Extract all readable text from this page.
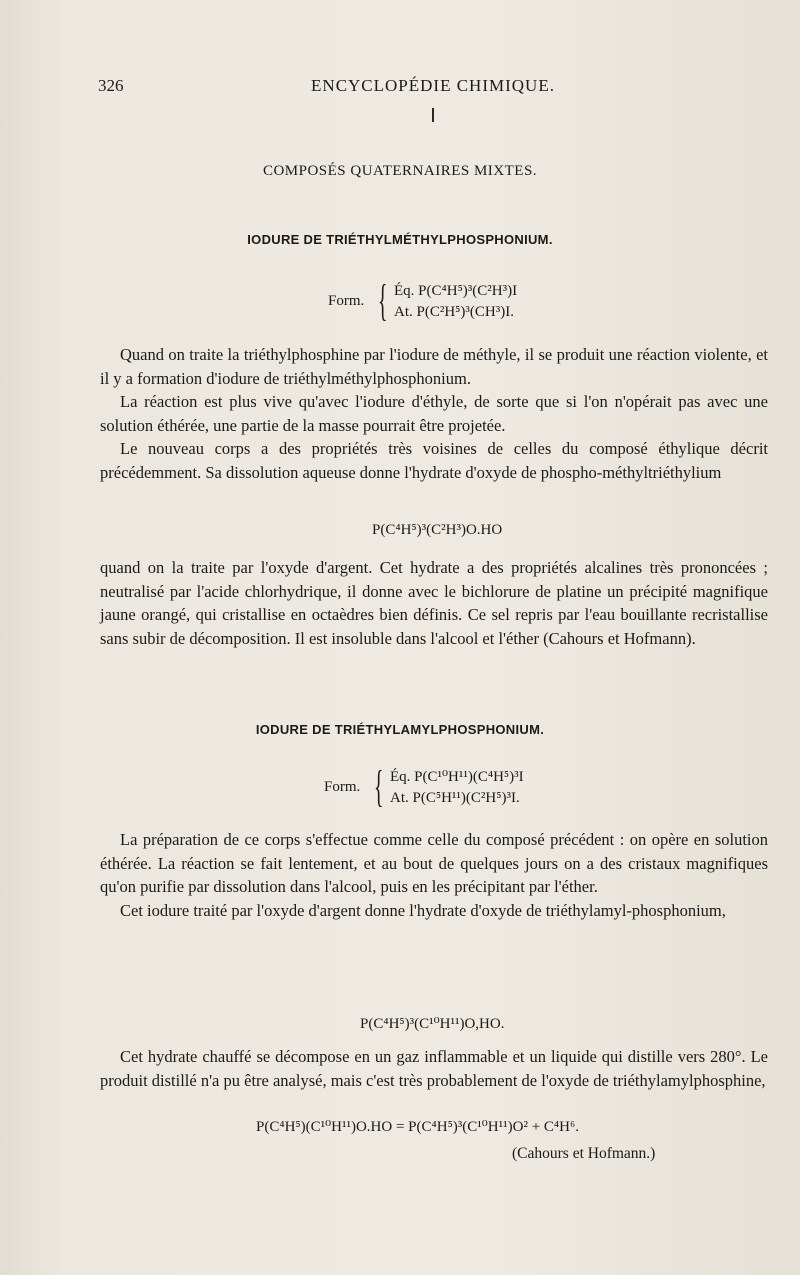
326	ENCYCLOPÉDIE CHIMIQUE.
COMPOSÉS QUATERNAIRES MIXTES.
IODURE DE TRIÉTHYLMÉTHYLPHOSPHONIUM.
Form. { Éq. P(C⁴H⁵)³(C²H³)I
At. P(C²H⁵)³(CH³)I.

Quand on traite la triéthylphosphine par l'iodure de méthyle, il se produit une réaction violente, et il y a formation d'iodure de triéthylméthylphosphonium.

La réaction est plus vive qu'avec l'iodure d'éthyle, de sorte que si l'on n'opérait pas avec une solution éthérée, une partie de la masse pourrait être projetée.

Le nouveau corps a des propriétés très voisines de celles du composé éthylique décrit précédemment. Sa dissolution aqueuse donne l'hydrate d'oxyde de phospho-méthyltriéthylium

P(C⁴H⁵)³(C²H³)O.HO

quand on la traite par l'oxyde d'argent. Cet hydrate a des propriétés alcalines très prononcées ; neutralisé par l'acide chlorhydrique, il donne avec le bichlorure de platine un précipité magnifique jaune orangé, qui cristallise en octaèdres bien définis. Ce sel repris par l'eau bouillante recristallise sans subir de décomposition. Il est insoluble dans l'alcool et l'éther (Cahours et Hofmann).

IODURE DE TRIÉTHYLAMYLPHOSPHONIUM.
Form. { Éq. P(C¹⁰H¹¹)(C⁴H⁵)³I
At. P(C⁵H¹¹)(C²H⁵)³I.

La préparation de ce corps s'effectue comme celle du composé précédent : on opère en solution éthérée. La réaction se fait lentement, et au bout de quelques jours on a des cristaux magnifiques qu'on purifie par dissolution dans l'alcool, puis en les précipitant par l'éther.

Cet iodure traité par l'oxyde d'argent donne l'hydrate d'oxyde de triéthylamyl-phosphonium,

P(C⁴H⁵)³(C¹⁰H¹¹)O,HO.

Cet hydrate chauffé se décompose en un gaz inflammable et un liquide qui distille vers 280°. Le produit distillé n'a pu être analysé, mais c'est très probablement de l'oxyde de triéthylamylphosphine,

P(C⁴H⁵)(C¹⁰H¹¹)O.HO = P(C⁴H⁵)³(C¹⁰H¹¹)O² + C⁴H⁶.
(Cahours et Hofmann.)
